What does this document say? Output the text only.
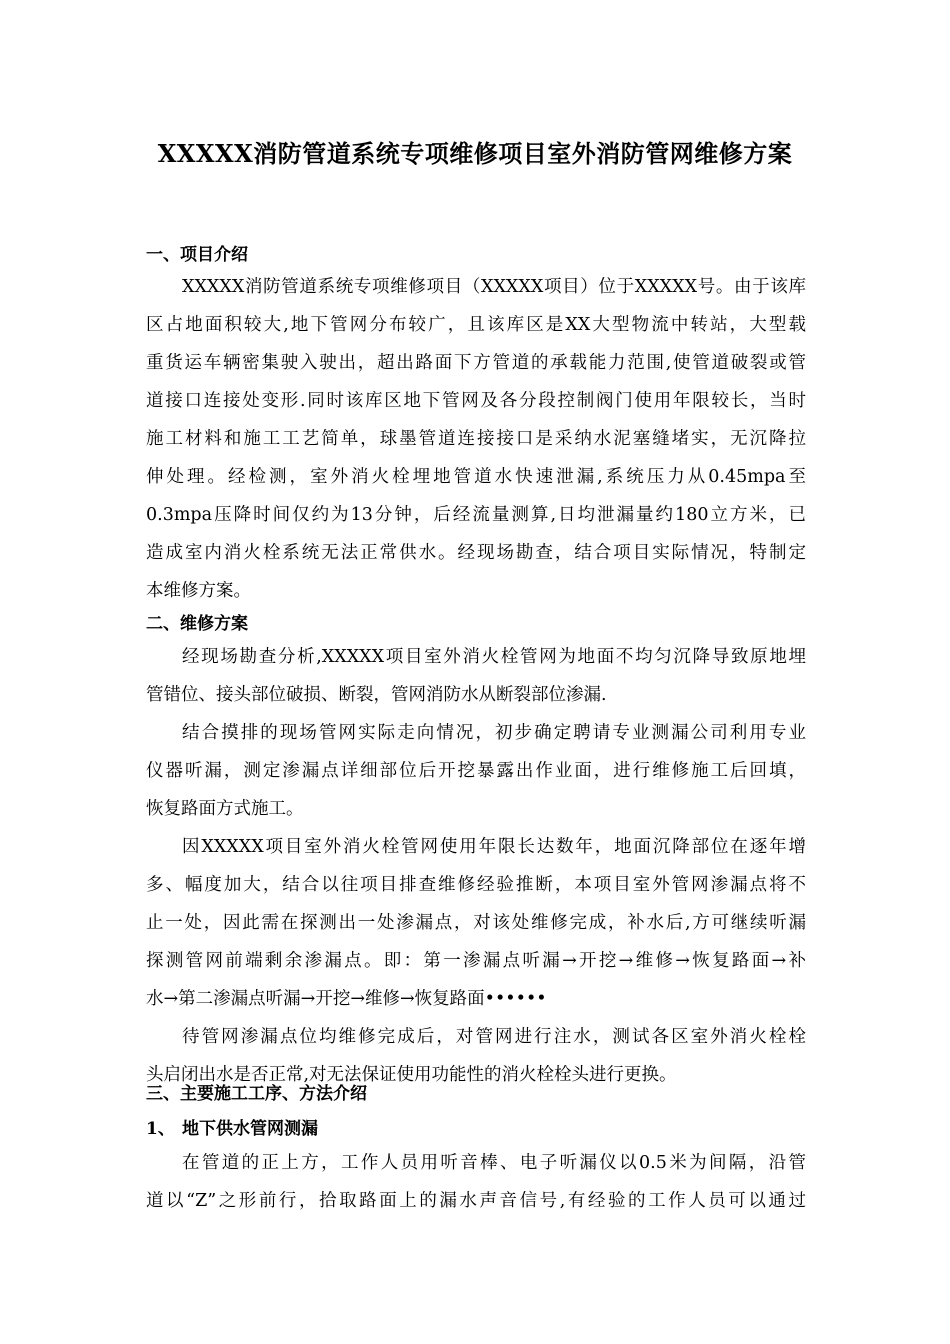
XXXXX消防管道系统专项维修项目室外消防管网维修方案
一、项目介绍
XXXXX消防管道系统专项维修项目（XXXXX项目）位于XXXXX号。由于该库
区占地面积较大,地下管网分布较广，且该库区是XX大型物流中转站，大型载
重货运车辆密集驶入驶出，超出路面下方管道的承载能力范围,使管道破裂或管
道接口连接处变形.同时该库区地下管网及各分段控制阀门使用年限较长，当时
施工材料和施工工艺简单，球墨管道连接接口是采纳水泥塞缝堵实，无沉降拉
伸处理。经检测，室外消火栓埋地管道水快速泄漏,系统压力从0.45mpa至
0.3mpa压降时间仅约为13分钟，后经流量测算,日均泄漏量约180立方米，已
造成室内消火栓系统无法正常供水。经现场勘查，结合项目实际情况，特制定
本维修方案。
二、维修方案
经现场勘查分析,XXXXX项目室外消火栓管网为地面不均匀沉降导致原地埋
管错位、接头部位破损、断裂，管网消防水从断裂部位渗漏.
结合摸排的现场管网实际走向情况，初步确定聘请专业测漏公司利用专业
仪器听漏，测定渗漏点详细部位后开挖暴露出作业面，进行维修施工后回填，
恢复路面方式施工。
因XXXXX项目室外消火栓管网使用年限长达数年，地面沉降部位在逐年增
多、幅度加大，结合以往项目排查维修经验推断，本项目室外管网渗漏点将不
止一处，因此需在探测出一处渗漏点，对该处维修完成，补水后,方可继续听漏
探测管网前端剩余渗漏点。即：第一渗漏点听漏→开挖→维修→恢复路面→补
水→第二渗漏点听漏→开挖→维修→恢复路面••••••
待管网渗漏点位均维修完成后，对管网进行注水，测试各区室外消火栓栓
头启闭出水是否正常,对无法保证使用功能性的消火栓栓头进行更换。
三、主要施工工序、方法介绍
1、 地下供水管网测漏
在管道的正上方，工作人员用听音棒、电子听漏仪以0.5米为间隔，沿管
道以“Z”之形前行，拾取路面上的漏水声音信号,有经验的工作人员可以通过
